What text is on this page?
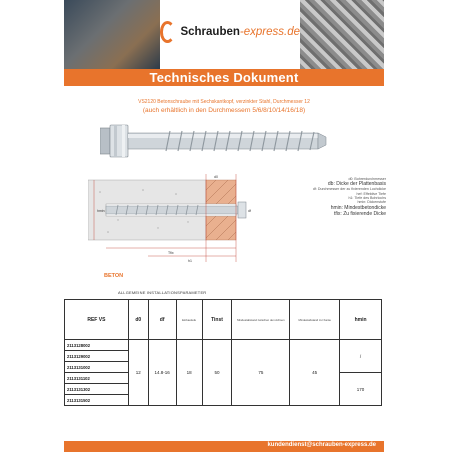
Schrauben-express.de
Technisches Dokument
VS2120 Betonschraube mit Sechskantkopf, verzinkter Stahl, Durchmesser 12
(auch erhältlich in den Durchmessern 5/6/8/10/14/16/18)
hmin
d0
df
Tfix
h1
d0: Bohrerdurchmesser
db: Dicke der Plattenbasis
df: Durchmesser der zu fixierenden Lochdicke
hef: Effektive Tiefe
h1: Tiefe des Bohrlochs
hmin: Dickenstufe
hmin: Mindestbetondicke
tfix: Zu fixierende Dicke
BETON
ALLGEMEINE INSTALLATIONSPARAMETER
REF VS	d0	df	Einbautiefe	Tinst	Mindestabstand zwischen den Achsen	Mindestabstand zur Kante	hmin
2113128002	12	14.8-16	18	50	75	45	/
2113129002							
2113131002							
2113131102							170
2113131302							
2113131502							
kundendienst@schrauben-express.de
